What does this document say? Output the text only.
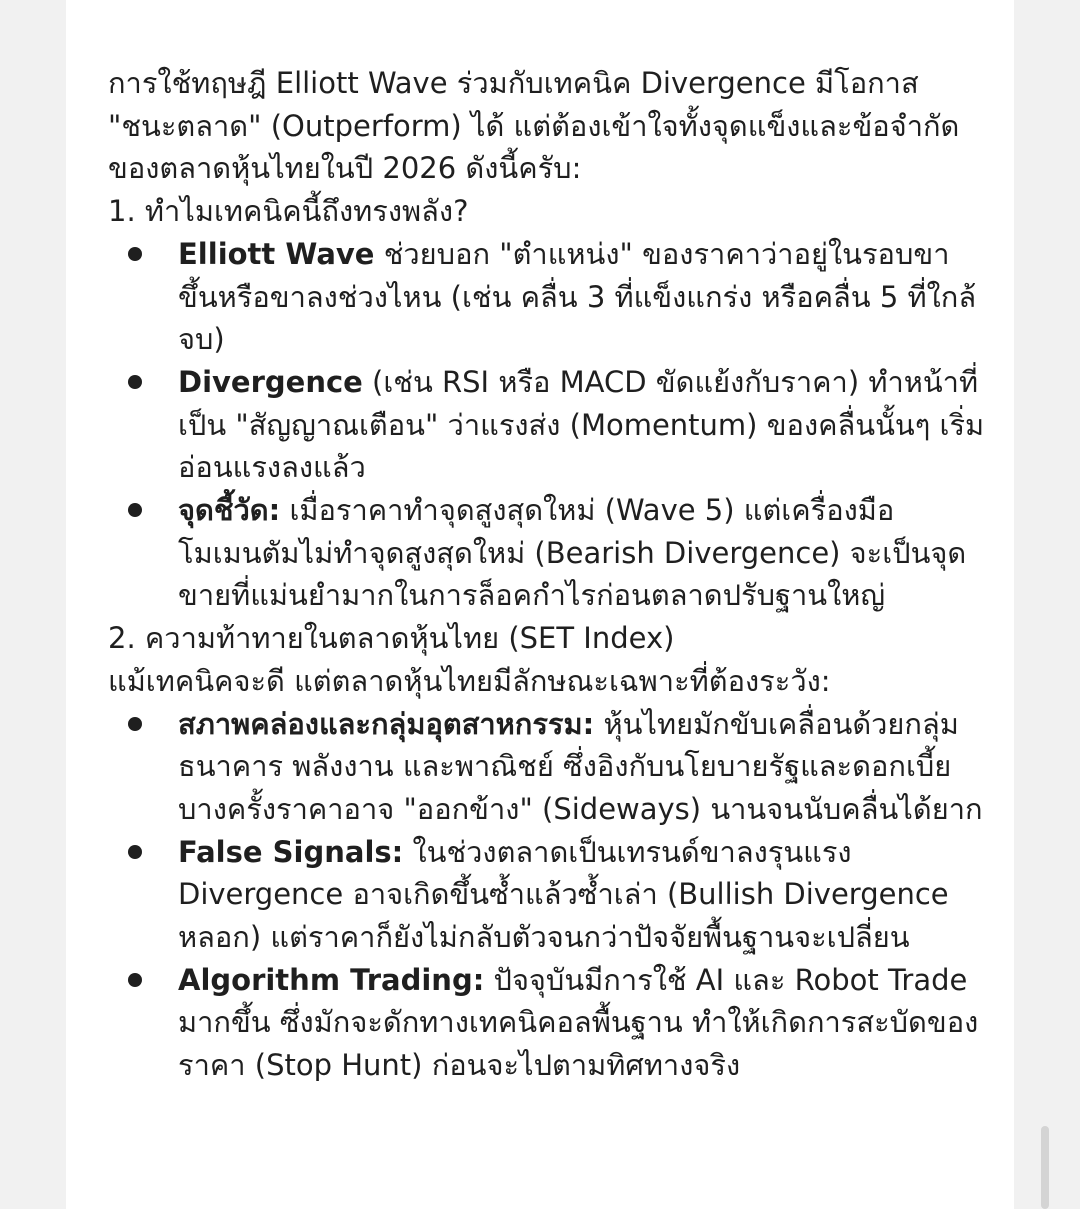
การใช้ทฤษฎี Elliott Wave ร่วมกับเทคนิค Divergence มีโอกาส "ชนะตลาด" (Outperform) ได้ แต่ต้องเข้าใจทั้งจุดแข็งและข้อจำกัดของตลาดหุ้นไทยในปี 2026 ดังนี้ครับ:

1. ทำไมเทคนิคนี้ถึงทรงพลัง?

Elliott Wave ช่วยบอก "ตำแหน่ง" ของราคาว่าอยู่ในรอบขาขึ้นหรือขาลงช่วงไหน (เช่น คลื่น 3 ที่แข็งแกร่ง หรือคลื่น 5 ที่ใกล้จบ)
Divergence (เช่น RSI หรือ MACD ขัดแย้งกับราคา) ทำหน้าที่เป็น "สัญญาณเตือน" ว่าแรงส่ง (Momentum) ของคลื่นนั้นๆ เริ่มอ่อนแรงลงแล้ว
จุดชี้วัด: เมื่อราคาทำจุดสูงสุดใหม่ (Wave 5) แต่เครื่องมือโมเมนตัมไม่ทำจุดสูงสุดใหม่ (Bearish Divergence) จะเป็นจุดขายที่แม่นยำมากในการล็อคกำไรก่อนตลาดปรับฐานใหญ่

2. ความท้าทายในตลาดหุ้นไทย (SET Index)

แม้เทคนิคจะดี แต่ตลาดหุ้นไทยมีลักษณะเฉพาะที่ต้องระวัง:

สภาพคล่องและกลุ่มอุตสาหกรรม: หุ้นไทยมักขับเคลื่อนด้วยกลุ่มธนาคาร พลังงาน และพาณิชย์ ซึ่งอิงกับนโยบายรัฐและดอกเบี้ย บางครั้งราคาอาจ "ออกข้าง" (Sideways) นานจนนับคลื่นได้ยาก
False Signals: ในช่วงตลาดเป็นเทรนด์ขาลงรุนแรง Divergence อาจเกิดขึ้นซ้ำแล้วซ้ำเล่า (Bullish Divergence หลอก) แต่ราคาก็ยังไม่กลับตัวจนกว่าปัจจัยพื้นฐานจะเปลี่ยน
Algorithm Trading: ปัจจุบันมีการใช้ AI และ Robot Trade มากขึ้น ซึ่งมักจะดักทางเทคนิคอลพื้นฐาน ทำให้เกิดการสะบัดของราคา (Stop Hunt) ก่อนจะไปตามทิศทางจริง
